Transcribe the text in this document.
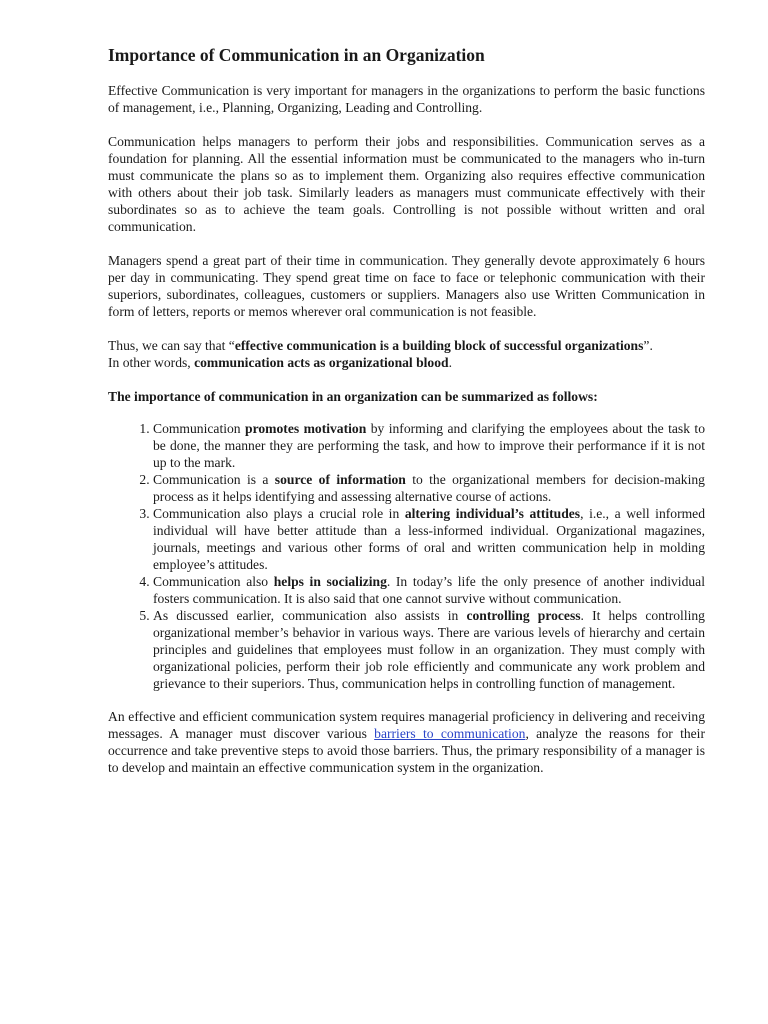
Importance of Communication in an Organization

Effective Communication is very important for managers in the organizations to perform the basic functions of management, i.e., Planning, Organizing, Leading and Controlling.

Communication helps managers to perform their jobs and responsibilities. Communication serves as a foundation for planning. All the essential information must be communicated to the managers who in-turn must communicate the plans so as to implement them. Organizing also requires effective communication with others about their job task. Similarly leaders as managers must communicate effectively with their subordinates so as to achieve the team goals. Controlling is not possible without written and oral communication.

Managers spend a great part of their time in communication. They generally devote approximately 6 hours per day in communicating. They spend great time on face to face or telephonic communication with their superiors, subordinates, colleagues, customers or suppliers. Managers also use Written Communication in form of letters, reports or memos wherever oral communication is not feasible.

Thus, we can say that “effective communication is a building block of successful organizations”.

In other words, communication acts as organizational blood.

The importance of communication in an organization can be summarized as follows:
1. Communication promotes motivation by informing and clarifying the employees about the task to be done, the manner they are performing the task, and how to improve their performance if it is not up to the mark.
2. Communication is a source of information to the organizational members for decision-making process as it helps identifying and assessing alternative course of actions.
3. Communication also plays a crucial role in altering individual’s attitudes, i.e., a well informed individual will have better attitude than a less-informed individual. Organizational magazines, journals, meetings and various other forms of oral and written communication help in molding employee’s attitudes.
4. Communication also helps in socializing. In today’s life the only presence of another individual fosters communication. It is also said that one cannot survive without communication.
5. As discussed earlier, communication also assists in controlling process. It helps controlling organizational member’s behavior in various ways. There are various levels of hierarchy and certain principles and guidelines that employees must follow in an organization. They must comply with organizational policies, perform their job role efficiently and communicate any work problem and grievance to their superiors. Thus, communication helps in controlling function of management.

An effective and efficient communication system requires managerial proficiency in delivering and receiving messages. A manager must discover various barriers to communication, analyze the reasons for their occurrence and take preventive steps to avoid those barriers. Thus, the primary responsibility of a manager is to develop and maintain an effective communication system in the organization.
